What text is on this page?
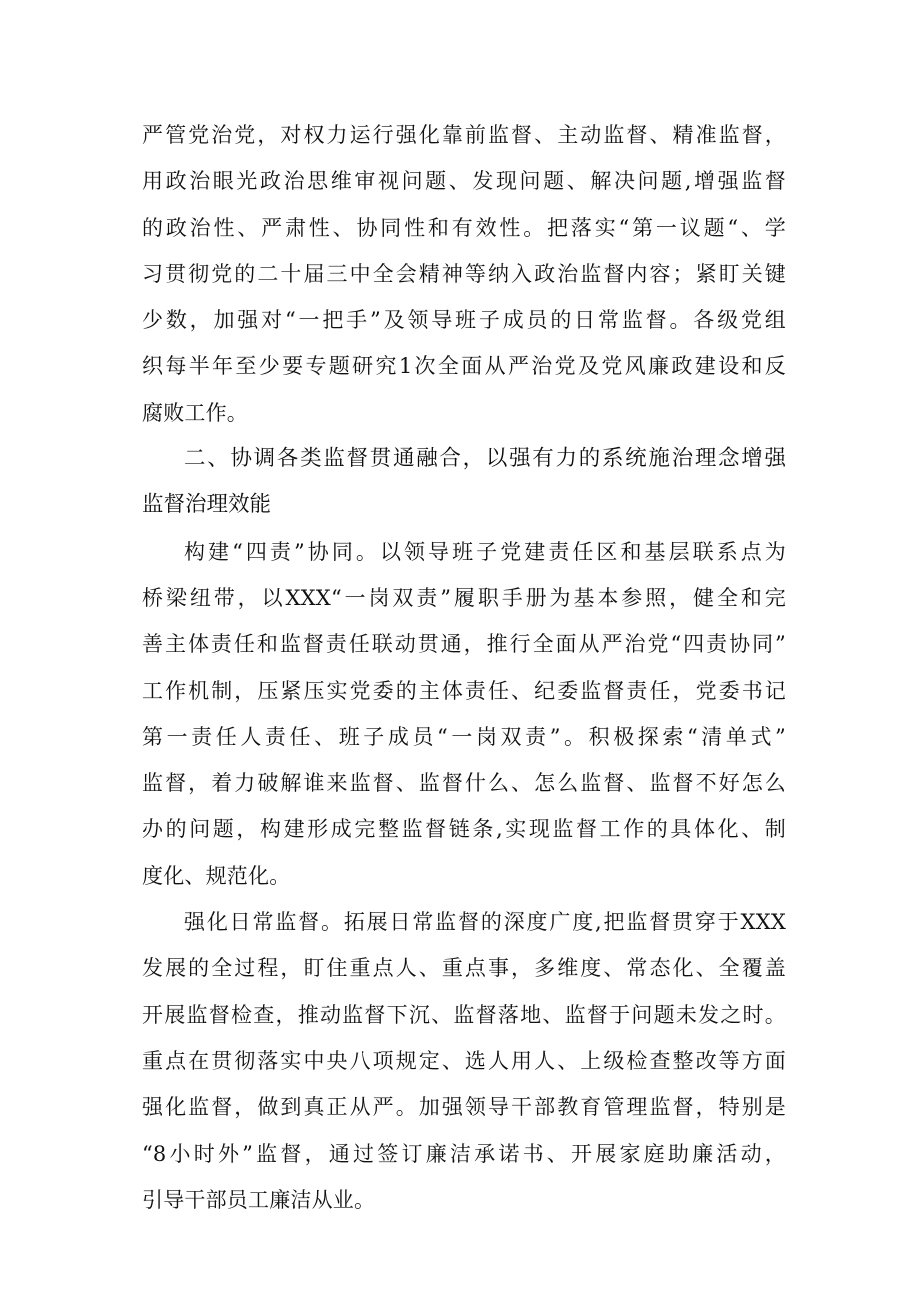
严管党治党，对权力运行强化靠前监督、主动监督、精准监督，
用政治眼光政治思维审视问题、发现问题、解决问题,增强监督
的政治性、严肃性、协同性和有效性。把落实“第一议题“、学
习贯彻党的二十届三中全会精神等纳入政治监督内容；紧盯关键
少数，加强对“一把手”及领导班子成员的日常监督。各级党组
织每半年至少要专题研究1次全面从严治党及党风廉政建设和反
腐败工作。
二、协调各类监督贯通融合，以强有力的系统施治理念增强
监督治理效能
构建“四责”协同。以领导班子党建责任区和基层联系点为
桥梁纽带，以XXX“一岗双责”履职手册为基本参照，健全和完
善主体责任和监督责任联动贯通，推行全面从严治党“四责协同”
工作机制，压紧压实党委的主体责任、纪委监督责任，党委书记
第一责任人责任、班子成员“一岗双责”。积极探索“清单式”
监督，着力破解谁来监督、监督什么、怎么监督、监督不好怎么
办的问题，构建形成完整监督链条,实现监督工作的具体化、制
度化、规范化。
强化日常监督。拓展日常监督的深度广度,把监督贯穿于XXX
发展的全过程，盯住重点人、重点事，多维度、常态化、全覆盖
开展监督检查，推动监督下沉、监督落地、监督于问题未发之时。
重点在贯彻落实中央八项规定、选人用人、上级检查整改等方面
强化监督，做到真正从严。加强领导干部教育管理监督，特别是
“8小时外”监督，通过签订廉洁承诺书、开展家庭助廉活动，
引导干部员工廉洁从业。
